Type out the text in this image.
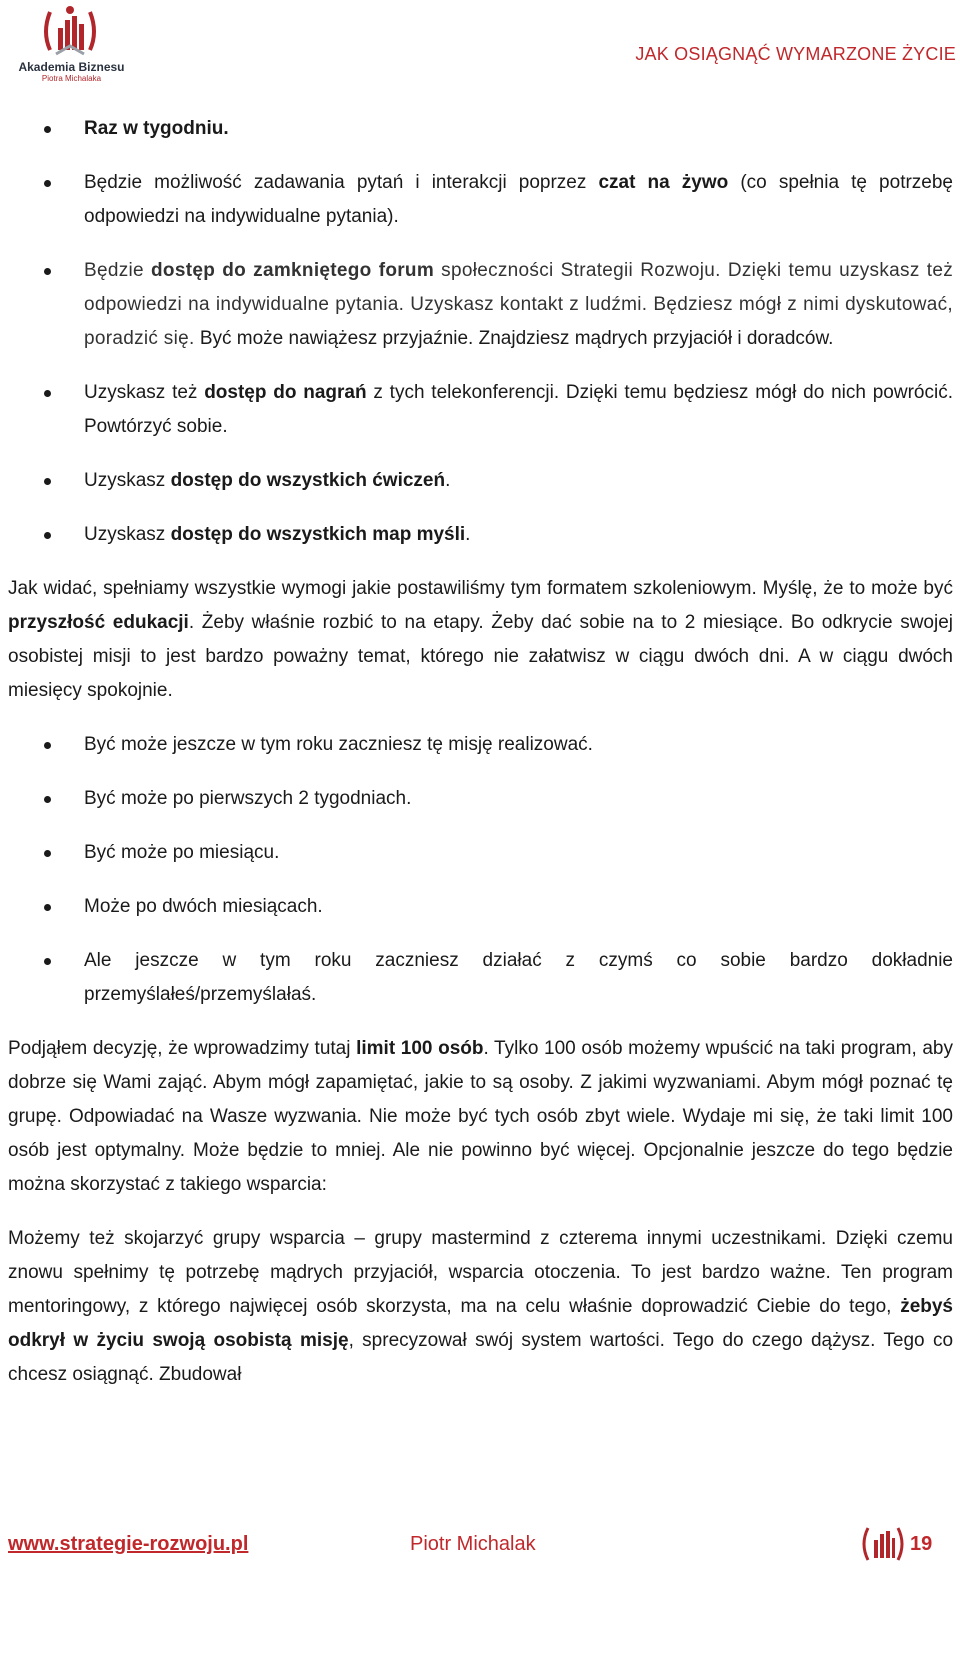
Akademia Biznesu
Piotra Michalaka
JAK OSIĄGNĄĆ WYMARZONE ŻYCIE
Raz w tygodniu.
Będzie możliwość zadawania pytań i interakcji poprzez czat na żywo (co spełnia tę potrzebę odpowiedzi na indywidualne pytania).
Będzie dostęp do zamkniętego forum społeczności Strategii Rozwoju. Dzięki temu uzyskasz też odpowiedzi na indywidualne pytania. Uzyskasz kontakt z ludźmi. Będziesz mógł z nimi dyskutować, poradzić się. Być może nawiążesz przyjaźnie. Znajdziesz mądrych przyjaciół i doradców.
Uzyskasz też dostęp do nagrań z tych telekonferencji. Dzięki temu będziesz mógł do nich powrócić. Powtórzyć sobie.
Uzyskasz dostęp do wszystkich ćwiczeń.
Uzyskasz dostęp do wszystkich map myśli.

Jak widać, spełniamy wszystkie wymogi jakie postawiliśmy tym formatem szkoleniowym. Myślę, że to może być przyszłość edukacji. Żeby właśnie rozbić to na etapy. Żeby dać sobie na to 2 miesiące. Bo odkrycie swojej osobistej misji to jest bardzo poważny temat, którego nie załatwisz w ciągu dwóch dni. A w ciągu dwóch miesięcy spokojnie.

Być może jeszcze w tym roku zaczniesz tę misję realizować.
Być może po pierwszych 2 tygodniach.
Być może po miesiącu.
Może po dwóch miesiącach.
Ale jeszcze w tym roku zaczniesz działać z czymś co sobie bardzo dokładnie przemyślałeś/przemyślałaś.

Podjąłem decyzję, że wprowadzimy tutaj limit 100 osób. Tylko 100 osób możemy wpuścić na taki program, aby dobrze się Wami zająć. Abym mógł zapamiętać, jakie to są osoby. Z jakimi wyzwaniami. Abym mógł poznać tę grupę. Odpowiadać na Wasze wyzwania. Nie może być tych osób zbyt wiele. Wydaje mi się, że taki limit 100 osób jest optymalny. Może będzie to mniej. Ale nie powinno być więcej. Opcjonalnie jeszcze do tego będzie można skorzystać z takiego wsparcia:

Możemy też skojarzyć grupy wsparcia – grupy mastermind z czterema innymi uczestnikami. Dzięki czemu znowu spełnimy tę potrzebę mądrych przyjaciół, wsparcia otoczenia. To jest bardzo ważne. Ten program mentoringowy, z którego najwięcej osób skorzysta, ma na celu właśnie doprowadzić Ciebie do tego, żebyś odkrył w życiu swoją osobistą misję, sprecyzował swój system wartości. Tego do czego dążysz. Tego co chcesz osiągnąć. Zbudował

www.strategie-rozwoju.pl	Piotr Michalak	19
